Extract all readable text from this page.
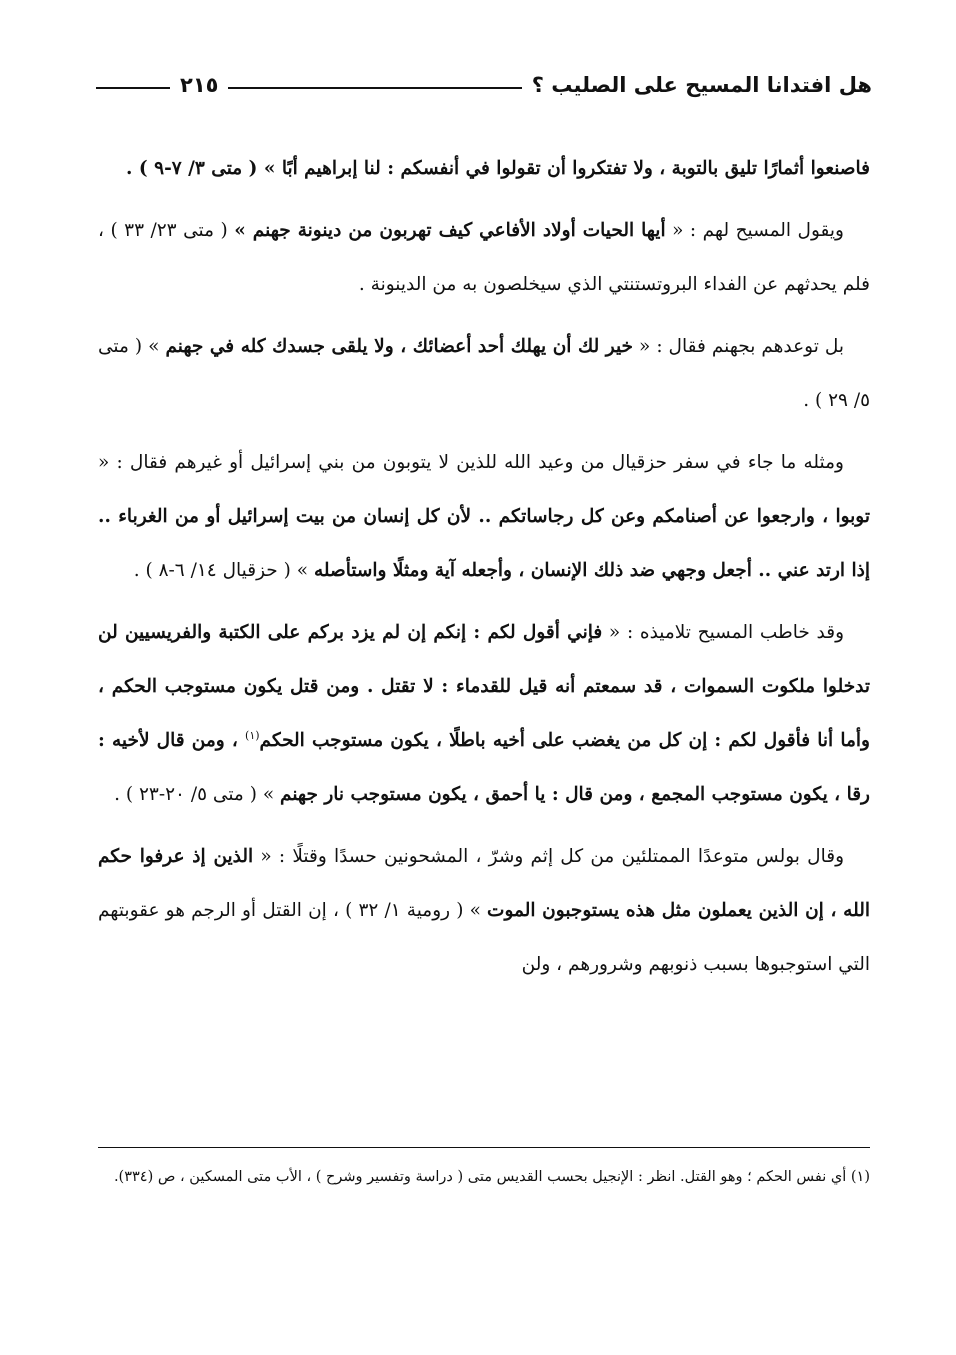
هل افتدانا المسيح على الصليب ؟
٢١٥

فاصنعوا أثمارًا تليق بالتوبة ، ولا تفتكروا أن تقولوا في أنفسكم : لنا إبراهيم أبًا » ( متى ٣/ ٧-٩ ) .

ويقول المسيح لهم : « أيها الحيات أولاد الأفاعي كيف تهربون من دينونة جهنم » ( متى ٢٣/ ٣٣ ) ، فلم يحدثهم عن الفداء البروتستنتي الذي سيخلصون به من الدينونة .

بل توعدهم بجهنم فقال : « خير لك أن يهلك أحد أعضائك ، ولا يلقى جسدك كله في جهنم » ( متى ٥/ ٢٩ ) .

ومثله ما جاء في سفر حزقيال من وعيد الله للذين لا يتوبون من بني إسرائيل أو غيرهم فقال : « توبوا ، وارجعوا عن أصنامكم وعن كل رجاساتكم .. لأن كل إنسان من بيت إسرائيل أو من الغرباء .. إذا ارتد عني .. أجعل وجهي ضد ذلك الإنسان ، وأجعله آية ومثلًا واستأصله » ( حزقيال ١٤/ ٦-٨ ) .

وقد خاطب المسيح تلاميذه : « فإني أقول لكم : إنكم إن لم يزد بركم على الكتبة والفريسيين لن تدخلوا ملكوت السموات ، قد سمعتم أنه قيل للقدماء : لا تقتل . ومن قتل يكون مستوجب الحكم ، وأما أنا فأقول لكم : إن كل من يغضب على أخيه باطلًا ، يكون مستوجب الحكم$^{(١)}$ ، ومن قال لأخيه : رقا ، يكون مستوجب المجمع ، ومن قال : يا أحمق ، يكون مستوجب نار جهنم » ( متى ٥/ ٢٠-٢٣ ) .

وقال بولس متوعدًا الممتلئين من كل إثم وشرّ ، المشحونين حسدًا وقتلًا : « الذين إذ عرفوا حكم الله ، إن الذين يعملون مثل هذه يستوجبون الموت » ( رومية ١/ ٣٢ ) ، إن القتل أو الرجم هو عقوبتهم التي استوجبوها بسبب ذنوبهم وشرورهم ، ولن

(١) أي نفس الحكم ؛ وهو القتل. انظر : الإنجيل بحسب القديس متى ( دراسة وتفسير وشرح ) ، الأب متى المسكين ، ص (٣٣٤).
